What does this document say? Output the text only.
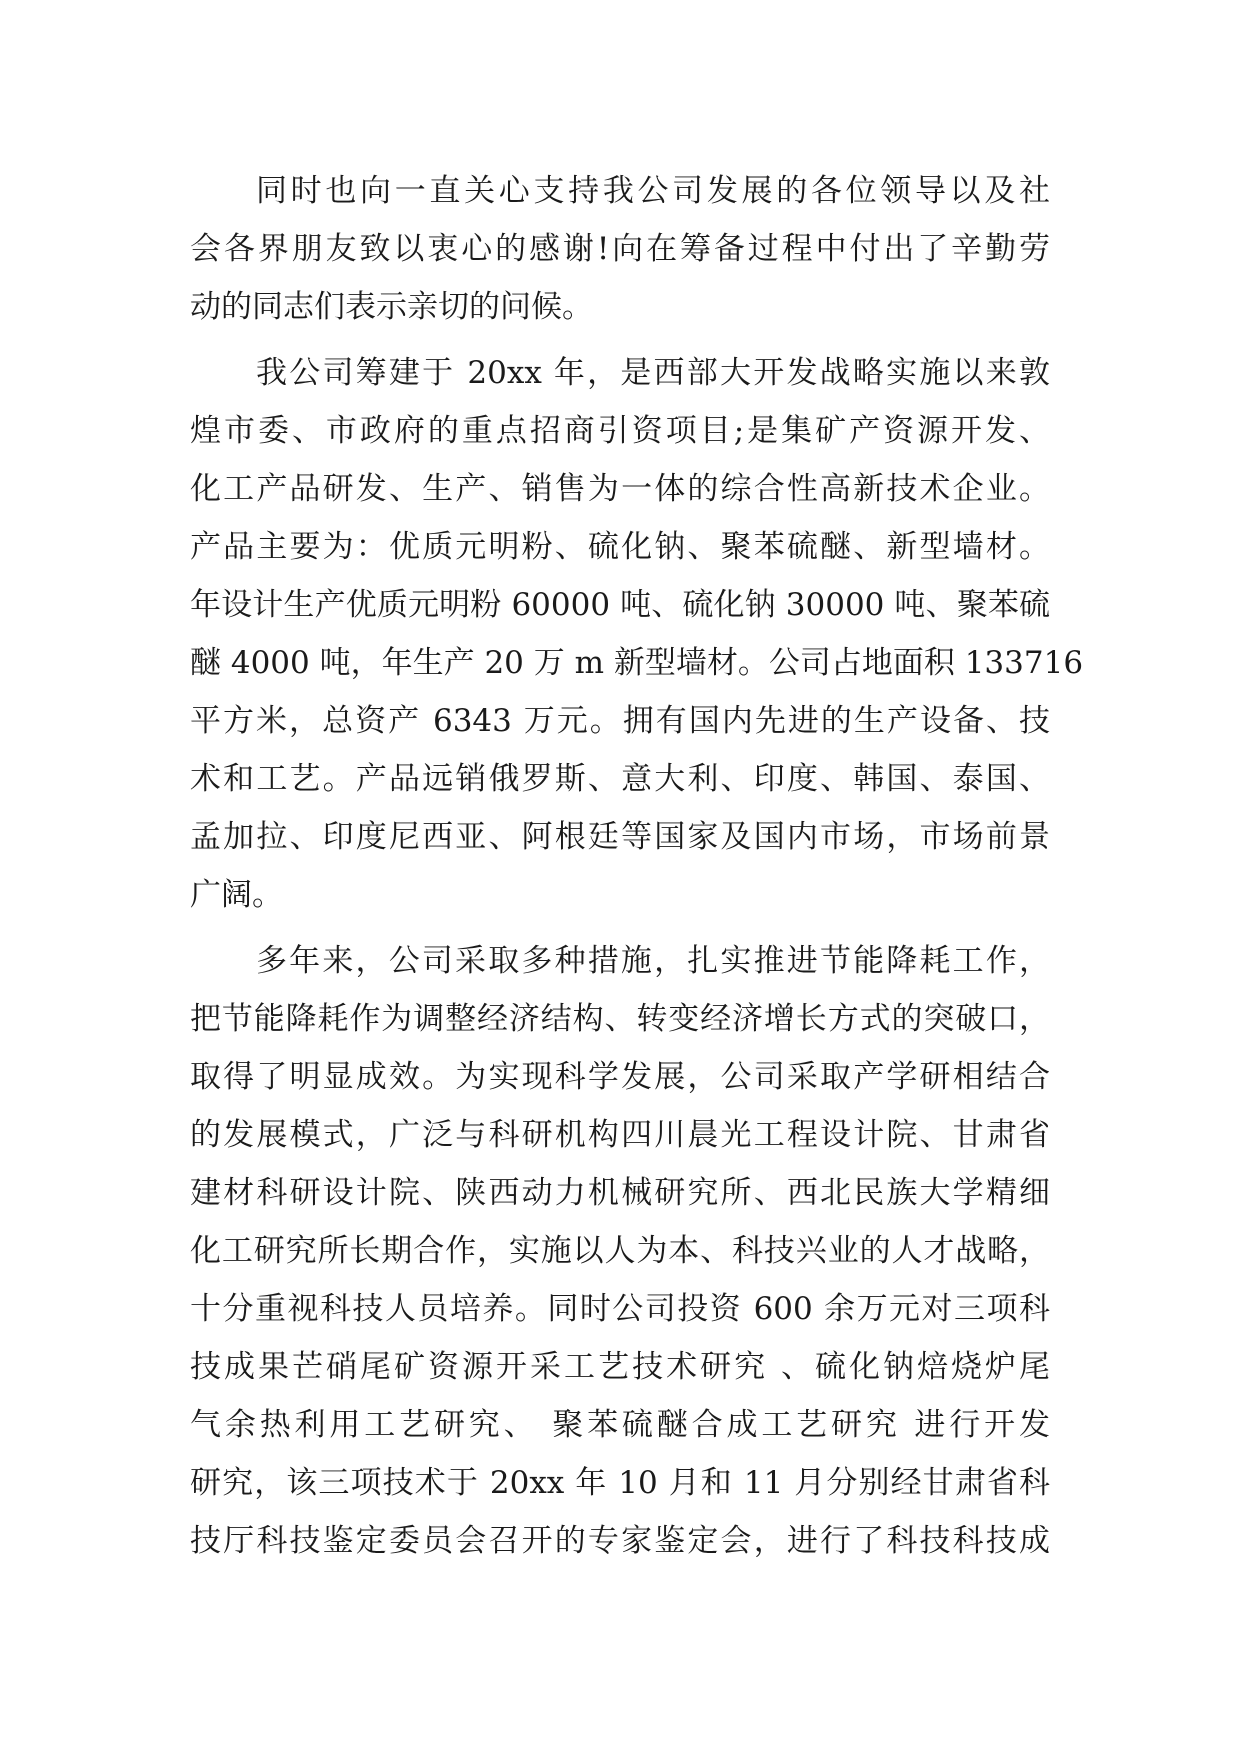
同时也向一直关心支持我公司发展的各位领导以及社
会各界朋友致以衷心的感谢!向在筹备过程中付出了辛勤劳
动的同志们表示亲切的问候。
我公司筹建于 20xx 年，是西部大开发战略实施以来敦
煌市委、市政府的重点招商引资项目;是集矿产资源开发、
化工产品研发、生产、销售为一体的综合性高新技术企业。
产品主要为：优质元明粉、硫化钠、聚苯硫醚、新型墙材。
年设计生产优质元明粉 60000 吨、硫化钠 30000 吨、聚苯硫
醚 4000 吨，年生产 20 万 m 新型墙材。公司占地面积 133716
平方米，总资产 6343 万元。拥有国内先进的生产设备、技
术和工艺。产品远销俄罗斯、意大利、印度、韩国、泰国、
孟加拉、印度尼西亚、阿根廷等国家及国内市场，市场前景
广阔。
多年来，公司采取多种措施，扎实推进节能降耗工作，
把节能降耗作为调整经济结构、转变经济增长方式的突破口，
取得了明显成效。为实现科学发展，公司采取产学研相结合
的发展模式，广泛与科研机构四川晨光工程设计院、甘肃省
建材科研设计院、陕西动力机械研究所、西北民族大学精细
化工研究所长期合作，实施以人为本、科技兴业的人才战略，
十分重视科技人员培养。同时公司投资 600 余万元对三项科
技成果芒硝尾矿资源开采工艺技术研究 、硫化钠焙烧炉尾
气余热利用工艺研究、 聚苯硫醚合成工艺研究 进行开发
研究，该三项技术于 20xx 年 10 月和 11 月分别经甘肃省科
技厅科技鉴定委员会召开的专家鉴定会，进行了科技科技成
